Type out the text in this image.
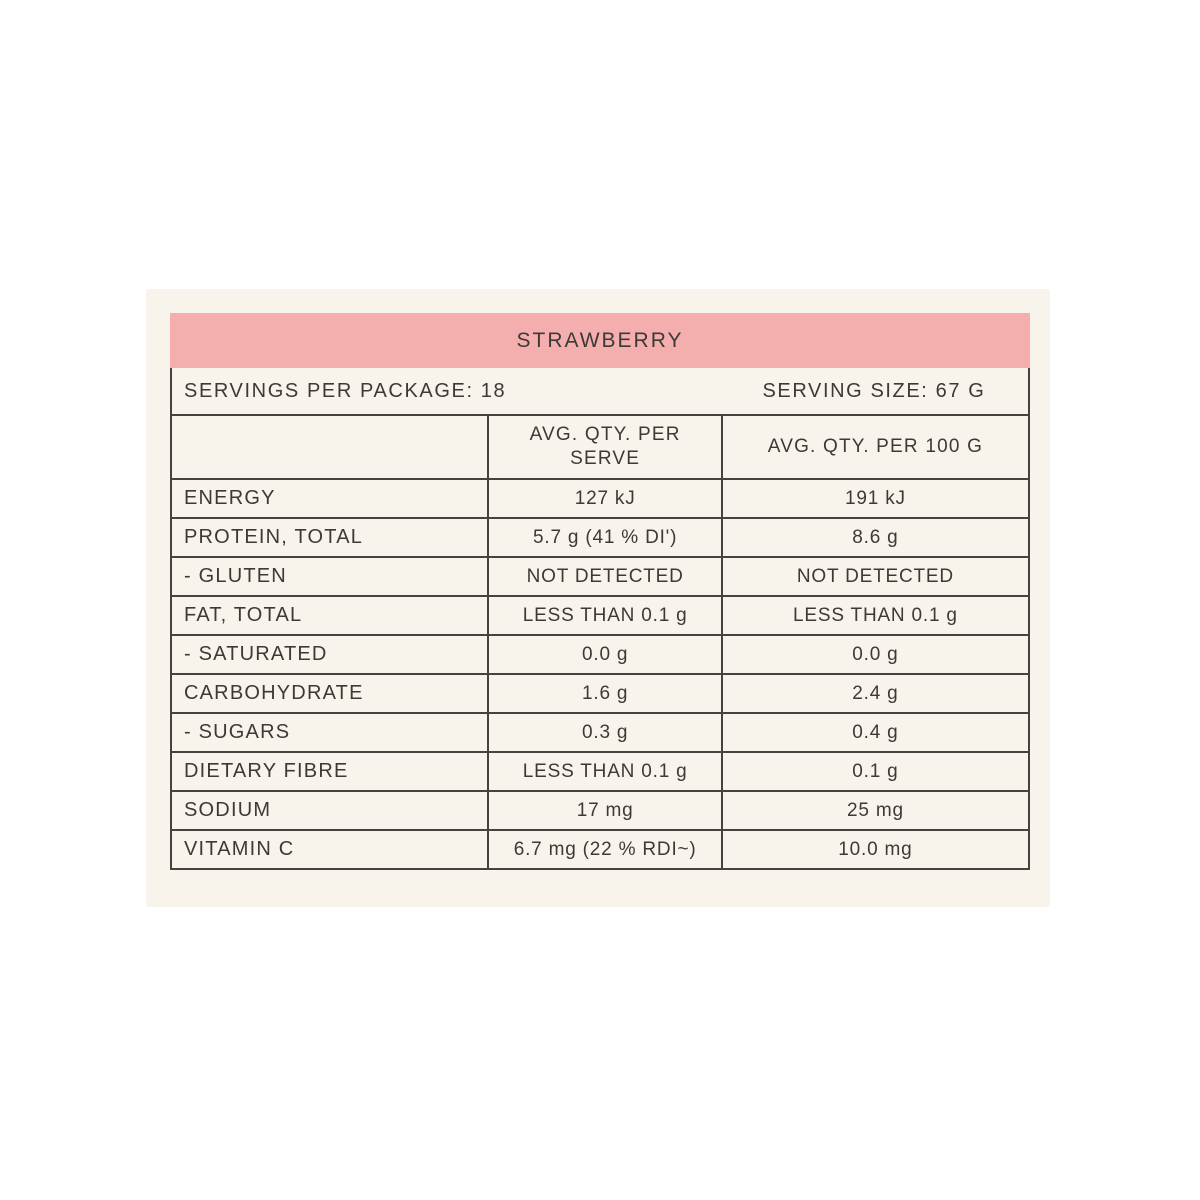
STRAWBERRY
SERVINGS PER PACKAGE: 18 SERVING SIZE: 67 G		

	AVG. QTY. PER SERVE	AVG. QTY. PER 100 G
ENERGY	127 kJ	191 kJ
PROTEIN, TOTAL	5.7 g (41 % DI')	8.6 g
- GLUTEN	NOT DETECTED	NOT DETECTED
FAT, TOTAL	LESS THAN 0.1 g	LESS THAN 0.1 g
- SATURATED	0.0 g	0.0 g
CARBOHYDRATE	1.6 g	2.4 g
- SUGARS	0.3 g	0.4 g
DIETARY FIBRE	LESS THAN 0.1 g	0.1 g
SODIUM	17 mg	25 mg
VITAMIN C	6.7 mg (22 % RDI~)	10.0 mg
